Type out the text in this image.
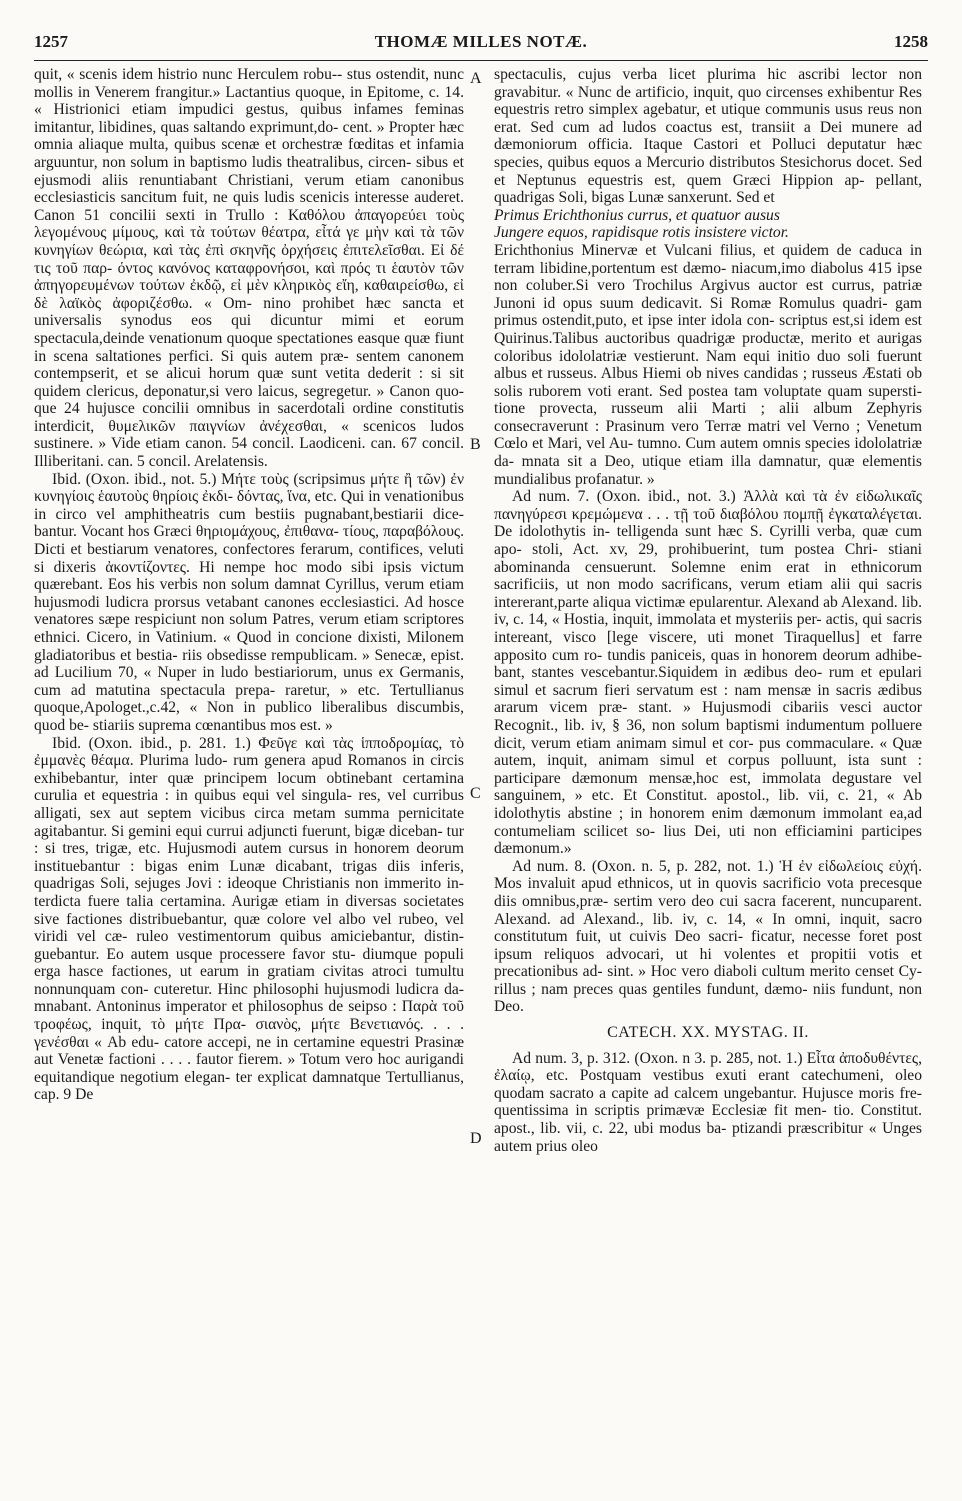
1257	THOMÆ MILLES NOTÆ.	1258
A
B
C
D

quit, « scenis idem histrio nunc Herculem robu-- stus ostendit, nunc mollis in Venerem frangitur.» Lactantius quoque, in Epitome, c. 14. « Histrionici etiam impudici gestus, quibus infames feminas imitantur, libidines, quas saltando exprimunt,do- cent. » Propter hæc omnia aliaque multa, quibus scenæ et orchestræ fœditas et infamia arguuntur, non solum in baptismo ludis theatralibus, circen- sibus et ejusmodi aliis renuntiabant Christiani, verum etiam canonibus ecclesiasticis sancitum fuit, ne quis ludis scenicis interesse auderet. Canon 51 concilii sexti in Trullo : Καθόλου ἀπαγορεύει τοὺς λεγομένους μίμους, καὶ τὰ τούτων θέατρα, εἶτά γε μὴν καὶ τὰ τῶν κυνηγίων θεώρια, καὶ τὰς ἐπὶ σκηνῆς ὀρχήσεις ἐπιτελεῖσθαι. Εἰ δέ τις τοῦ παρ- όντος κανόνος καταφρονήσοι, καὶ πρός τι ἑαυτὸν τῶν ἀπηγορευμένων τούτων ἐκδῷ, εἰ μὲν κληρικὸς εἴη, καθαιρείσθω, εἰ δὲ λαϊκὸς ἀφοριζέσθω. « Om- nino prohibet hæc sancta et universalis synodus eos qui dicuntur mimi et eorum spectacula,deinde venationum quoque spectationes easque quæ fiunt in scena saltationes perfici. Si quis autem præ- sentem canonem contempserit, et se alicui horum quæ sunt vetita dederit : si sit quidem clericus, deponatur,si vero laicus, segregetur. » Canon quo- que 24 hujusce concilii omnibus in sacerdotali ordine constitutis interdicit, θυμελικῶν παιγνίων ἀνέχεσθαι, « scenicos ludos sustinere. » Vide etiam canon. 54 concil. Laodiceni. can. 67 concil. Illiberitani. can. 5 concil. Arelatensis.

Ibid. (Oxon. ibid., not. 5.) Μήτε τοὺς (scripsimus μήτε ἢ τῶν) ἐν κυνηγίοις ἑαυτοὺς θηρίοις ἐκδι- δόντας, ἵνα, etc. Qui in venationibus in circo vel amphitheatris cum bestiis pugnabant,bestiarii dice- bantur. Vocant hos Græci θηριομάχους, ἐπιθανα- τίους, παραβόλους. Dicti et bestiarum venatores, confectores ferarum, contifices, veluti si dixeris ἀκοντίζοντες. Hi nempe hoc modo sibi ipsis victum quærebant. Eos his verbis non solum damnat Cyrillus, verum etiam hujusmodi ludicra prorsus vetabant canones ecclesiastici. Ad hosce venatores sæpe respiciunt non solum Patres, verum etiam scriptores ethnici. Cicero, in Vatinium. « Quod in concione dixisti, Milonem gladiatoribus et bestia- riis obsedisse rempublicam. » Senecæ, epist. ad Lucilium 70, « Nuper in ludo bestiariorum, unus ex Germanis, cum ad matutina spectacula prepa- raretur, » etc. Tertullianus quoque,Apologet.,c.42, « Non in publico liberalibus discumbis, quod be- stiariis suprema cœnantibus mos est. »

Ibid. (Oxon. ibid., p. 281. 1.) Φεῦγε καὶ τὰς ἱπποδρομίας, τὸ ἐμμανὲς θέαμα. Plurima ludo- rum genera apud Romanos in circis exhibebantur, inter quæ principem locum obtinebant certamina curulia et equestria : in quibus equi vel singula- res, vel curribus alligati, sex aut septem vicibus circa metam summa pernicitate agitabantur. Si gemini equi currui adjuncti fuerunt, bigæ diceban- tur : si tres, trigæ, etc. Hujusmodi autem cursus in honorem deorum instituebantur : bigas enim Lunæ dicabant, trigas diis inferis, quadrigas Soli, sejuges Jovi : ideoque Christianis non immerito in- terdicta fuere talia certamina. Aurigæ etiam in diversas societates sive factiones distribuebantur, quæ colore vel albo vel rubeo, vel viridi vel cæ- ruleo vestimentorum quibus amiciebantur, distin- guebantur. Eo autem usque processere favor stu- diumque populi erga hasce factiones, ut earum in gratiam civitas atroci tumultu nonnunquam con- cuteretur. Hinc philosophi hujusmodi ludicra da- mnabant. Antoninus imperator et philosophus de seipso : Παρὰ τοῦ τροφέως, inquit, τὸ μήτε Πρα- σιανὸς, μήτε Βενετιανός. . . . γενέσθαι « Ab edu- catore accepi, ne in certamine equestri Prasinæ aut Venetæ factioni . . . . fautor fierem. » Totum vero hoc aurigandi equitandique negotium elegan- ter explicat damnatque Tertullianus, cap. 9 De

spectaculis, cujus verba licet plurima hic ascribi lector non gravabitur. « Nunc de artificio, inquit, quo circenses exhibentur Res equestris retro simplex agebatur, et utique communis usus reus non erat. Sed cum ad ludos coactus est, transiit a Dei munere ad dæmoniorum officia. Itaque Castori et Polluci deputatur hæc species, quibus equos a Mercurio distributos Stesichorus docet. Sed et Neptunus equestris est, quem Græci Hippion ap- pellant, quadrigas Soli, bigas Lunæ sanxerunt. Sed et

Primus Erichthonius currus, et quatuor ausus

Jungere equos, rapidisque rotis insistere victor.

Erichthonius Minervæ et Vulcani filius, et quidem de caduca in terram libidine,portentum est dæmo- niacum,imo diabolus 415 ipse non coluber.Si vero Trochilus Argivus auctor est currus, patriæ Junoni id opus suum dedicavit. Si Romæ Romulus quadri- gam primus ostendit,puto, et ipse inter idola con- scriptus est,si idem est Quirinus.Talibus auctoribus quadrigæ productæ, merito et aurigas coloribus idololatriæ vestierunt. Nam equi initio duo soli fuerunt albus et russeus. Albus Hiemi ob nives candidas ; russeus Æstati ob solis ruborem voti erant. Sed postea tam voluptate quam supersti- tione provecta, russeum alii Marti ; alii album Zephyris consecraverunt : Prasinum vero Terræ matri vel Verno ; Venetum Cœlo et Mari, vel Au- tumno. Cum autem omnis species idololatriæ da- mnata sit a Deo, utique etiam illa damnatur, quæ elementis mundialibus profanatur. »

Ad num. 7. (Oxon. ibid., not. 3.) Ἀλλὰ καὶ τὰ ἐν εἰδωλικαῖς πανηγύρεσι κρεμώμενα . . . τῇ τοῦ διαβόλου πομπῇ ἐγκαταλέγεται. De idolothytis in- telligenda sunt hæc S. Cyrilli verba, quæ cum apo- stoli, Act. xv, 29, prohibuerint, tum postea Chri- stiani abominanda censuerunt. Solemne enim erat in ethnicorum sacrificiis, ut non modo sacrificans, verum etiam alii qui sacris intererant,parte aliqua victimæ epularentur. Alexand ab Alexand. lib. iv, c. 14, « Hostia, inquit, immolata et mysteriis per- actis, qui sacris intereant, visco [lege viscere, uti monet Tiraquellus] et farre apposito cum ro- tundis paniceis, quas in honorem deorum adhibe- bant, stantes vescebantur.Siquidem in ædibus deo- rum et epulari simul et sacrum fieri servatum est : nam mensæ in sacris ædibus ararum vicem præ- stant. » Hujusmodi cibariis vesci auctor Recognit., lib. iv, § 36, non solum baptismi indumentum polluere dicit, verum etiam animam simul et cor- pus commaculare. « Quæ autem, inquit, animam simul et corpus polluunt, ista sunt : participare dæmonum mensæ,hoc est, immolata degustare vel sanguinem, » etc. Et Constitut. apostol., lib. vii, c. 21, « Ab idolothytis abstine ; in honorem enim dæmonum immolant ea,ad contumeliam scilicet so- lius Dei, uti non efficiamini participes dæmonum.»

Ad num. 8. (Oxon. n. 5, p. 282, not. 1.) Ἡ ἐν εἰδωλείοις εὐχή. Mos invaluit apud ethnicos, ut in quovis sacrificio vota precesque diis omnibus,præ- sertim vero deo cui sacra facerent, nuncuparent. Alexand. ad Alexand., lib. iv, c. 14, « In omni, inquit, sacro constitutum fuit, ut cuivis Deo sacri- ficatur, necesse foret post ipsum reliquos advocari, ut hi volentes et propitii votis et precationibus ad- sint. » Hoc vero diaboli cultum merito censet Cy- rillus ; nam preces quas gentiles fundunt, dæmo- niis fundunt, non Deo.

CATECH. XX. MYSTAG. II.

Ad num. 3, p. 312. (Oxon. n 3. p. 285, not. 1.) Εἶτα ἀποδυθέντες, ἐλαίῳ, etc. Postquam vestibus exuti erant catechumeni, oleo quodam sacrato a capite ad calcem ungebantur. Hujusce moris fre- quentissima in scriptis primævæ Ecclesiæ fit men- tio. Constitut. apost., lib. vii, c. 22, ubi modus ba- ptizandi præscribitur « Unges autem prius oleo
